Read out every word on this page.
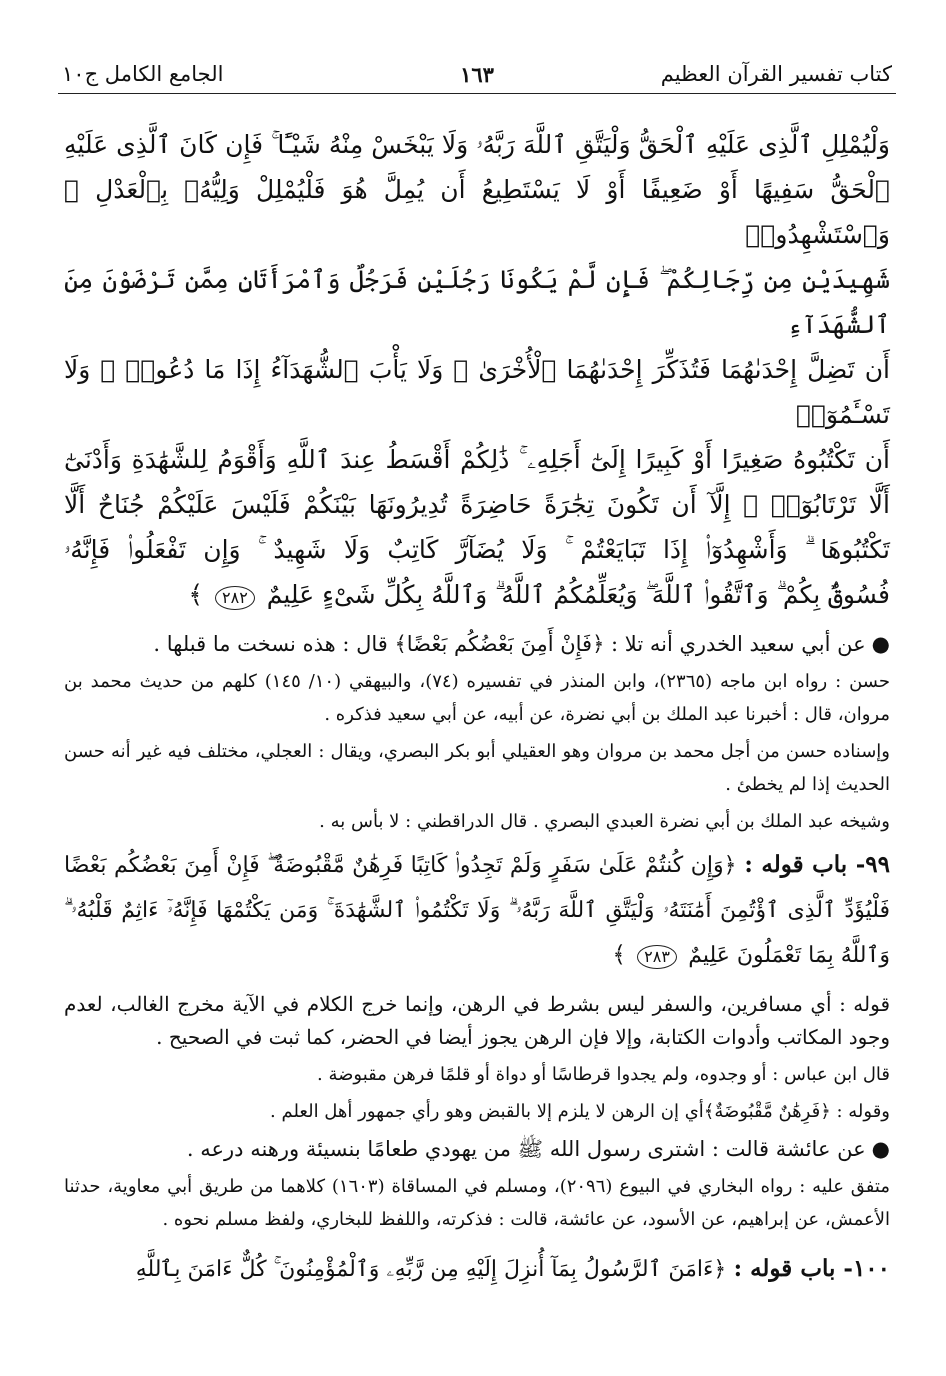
كتاب تفسير القرآن العظيم
١٦٣
الجامع الكامل ج١٠

وَلْيُمْلِلِ ٱلَّذِى عَلَيْهِ ٱلْحَقُّ وَلْيَتَّقِ ٱللَّهَ رَبَّهُۥ وَلَا يَبْخَسْ مِنْهُ شَيْـًٔا ۚ فَإِن كَانَ ٱلَّذِى عَلَيْهِ

ٱلْحَقُّ سَفِيهًا أَوْ ضَعِيفًا أَوْ لَا يَسْتَطِيعُ أَن يُمِلَّ هُوَ فَلْيُمْلِلْ وَلِيُّهُۥ بِٱلْعَدْلِ ۚ وَٱسْتَشْهِدُوا۟

شَهِيدَيْنِ مِن رِّجَالِكُمْ ۖ فَإِن لَّمْ يَكُونَا رَجُلَيْنِ فَرَجُلٌ وَٱمْرَأَتَانِ مِمَّن تَرْضَوْنَ مِنَ ٱلشُّهَدَآءِ

أَن تَضِلَّ إِحْدَىٰهُمَا فَتُذَكِّرَ إِحْدَىٰهُمَا ٱلْأُخْرَىٰ ۚ وَلَا يَأْبَ ٱلشُّهَدَآءُ إِذَا مَا دُعُوا۟ ۚ وَلَا تَسْـَٔمُوٓا۟

أَن تَكْتُبُوهُ صَغِيرًا أَوْ كَبِيرًا إِلَىٰٓ أَجَلِهِۦ ۚ ذَٰلِكُمْ أَقْسَطُ عِندَ ٱللَّهِ وَأَقْوَمُ لِلشَّهَٰدَةِ وَأَدْنَىٰٓ

أَلَّا تَرْتَابُوٓا۟ ۖ إِلَّآ أَن تَكُونَ تِجَٰرَةً حَاضِرَةً تُدِيرُونَهَا بَيْنَكُمْ فَلَيْسَ عَلَيْكُمْ جُنَاحٌ أَلَّا

تَكْتُبُوهَا ۗ وَأَشْهِدُوٓا۟ إِذَا تَبَايَعْتُمْ ۚ وَلَا يُضَآرَّ كَاتِبٌ وَلَا شَهِيدٌ ۚ وَإِن تَفْعَلُوا۟ فَإِنَّهُۥ

فُسُوقٌۢ بِكُمْ ۗ وَٱتَّقُوا۟ ٱللَّهَ ۖ وَيُعَلِّمُكُمُ ٱللَّهُ ۗ وَٱللَّهُ بِكُلِّ شَىْءٍ عَلِيمٌ ٢٨٢ ﴾

●عن أبي سعيد الخدري أنه تلا : ﴿فَإِنْ أَمِنَ بَعْضُكُم بَعْضًا﴾ قال : هذه نسخت ما قبلها .

حسن : رواه ابن ماجه (٢٣٦٥)، وابن المنذر في تفسيره (٧٤)، والبيهقي (١٠/ ١٤٥) كلهم من حديث محمد بن مروان، قال : أخبرنا عبد الملك بن أبي نضرة، عن أبيه، عن أبي سعيد فذكره .

وإسناده حسن من أجل محمد بن مروان وهو العقيلي أبو بكر البصري، ويقال : العجلي، مختلف فيه غير أنه حسن الحديث إذا لم يخطئ .

وشيخه عبد الملك بن أبي نضرة العبدي البصري . قال الدراقطني : لا بأس به .

٩٩- باب قوله : ﴿وَإِن كُنتُمْ عَلَىٰ سَفَرٍ وَلَمْ تَجِدُوا۟ كَاتِبًا فَرِهَٰنٌ مَّقْبُوضَةٌ ۖ فَإِنْ أَمِنَ بَعْضُكُم بَعْضًا فَلْيُؤَدِّ ٱلَّذِى ٱؤْتُمِنَ أَمَٰنَتَهُۥ وَلْيَتَّقِ ٱللَّهَ رَبَّهُۥ ۗ وَلَا تَكْتُمُوا۟ ٱلشَّهَٰدَةَ ۚ وَمَن يَكْتُمْهَا فَإِنَّهُۥٓ ءَاثِمٌ قَلْبُهُۥ ۗ وَٱللَّهُ بِمَا تَعْمَلُونَ عَلِيمٌ ٢٨٣ ﴾

قوله : أي مسافرين، والسفر ليس بشرط في الرهن، وإنما خرج الكلام في الآية مخرج الغالب، لعدم وجود المكاتب وأدوات الكتابة، وإلا فإن الرهن يجوز أيضا في الحضر، كما ثبت في الصحيح .

قال ابن عباس : أو وجدوه، ولم يجدوا قرطاسًا أو دواة أو قلمًا فرهن مقبوضة .

وقوله : ﴿فَرِهَٰنٌ مَّقْبُوضَةٌ﴾أي إن الرهن لا يلزم إلا بالقبض وهو رأي جمهور أهل العلم .

●عن عائشة قالت : اشترى رسول الله ﷺ من يهودي طعامًا بنسيئة ورهنه درعه .

متفق عليه : رواه البخاري في البيوع (٢٠٩٦)، ومسلم في المساقاة (١٦٠٣) كلاهما من طريق أبي معاوية، حدثنا الأعمش، عن إبراهيم، عن الأسود، عن عائشة، قالت : فذكرته، واللفظ للبخاري، ولفظ مسلم نحوه .

١٠٠- باب قوله : ﴿ءَامَنَ ٱلرَّسُولُ بِمَآ أُنزِلَ إِلَيْهِ مِن رَّبِّهِۦ وَٱلْمُؤْمِنُونَ ۚ كُلٌّ ءَامَنَ بِٱللَّهِ
